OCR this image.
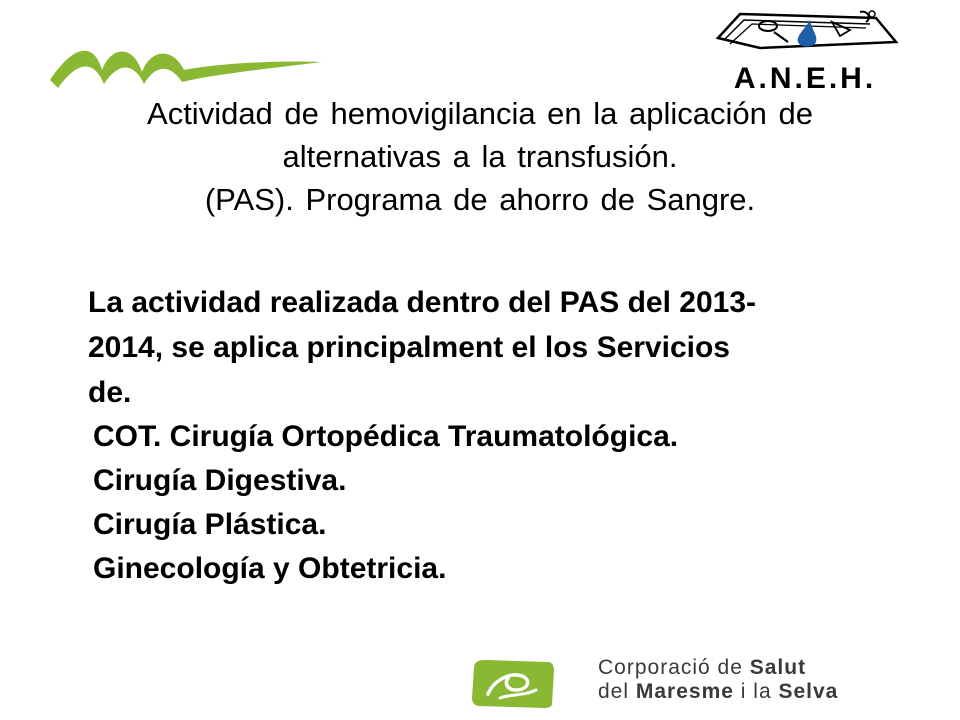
A.N.E.H.
Actividad de hemovigilancia en la aplicación de
alternativas a la transfusión.
(PAS). Programa de ahorro de Sangre.
La actividad realizada dentro del PAS del 2013-
2014, se aplica principalment el los Servicios
de.
COT. Cirugía Ortopédica Traumatológica.
Cirugía Digestiva.
Cirugía Plástica.
Ginecología y Obtetricia.
Corporació de Salut
del Maresme i la Selva
